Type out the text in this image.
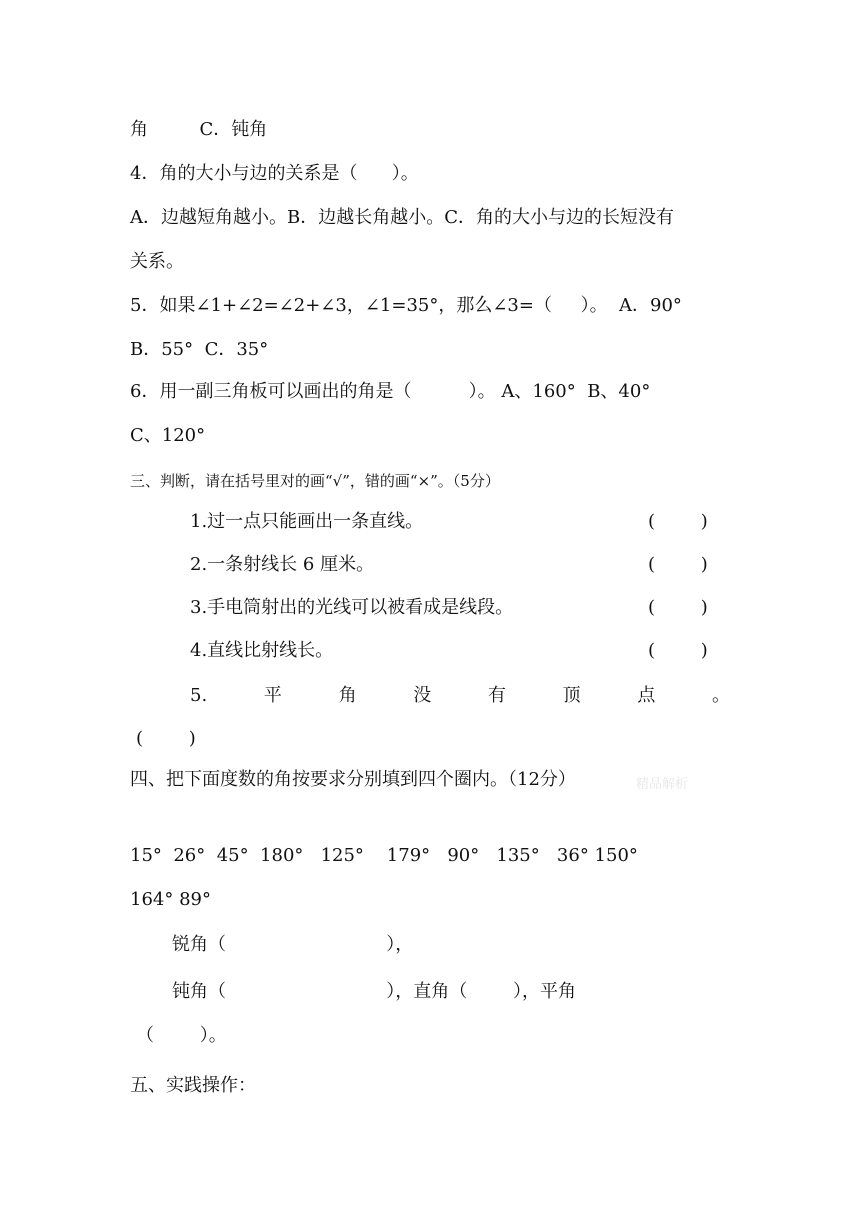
角         C．钝角
4．角的大小与边的关系是（      ）。
A．边越短角越小。B．边越长角越小。C．角的大小与边的长短没有
关系。
5．如果∠1+∠2=∠2+∠3，∠1=35°，那么∠3=（     ）。  A．90°
B．55°  C．35°
6．用一副三角板可以画出的角是（          ）。 A、160°  B、40°
C、120°
三、判断，请在括号里对的画“√”，错的画“×”。（5分）
1.过一点只能画出一条直线。	(        )
2.一条射线长 6 厘米。	(        )
3.手电筒射出的光线可以被看成是线段。	(        )
4.直线比射线长。	(        )
5.	平	角	没	有	顶	点	。
(        )
四、把下面度数的角按要求分别填到四个圈内。（12分）	精品解析
15°  26°  45°  180°   125°    179°   90°   135°   36° 150°
164° 89°
锐角（                            ），
钝角（                            ），直角（        ），平角
（        ）。
五、实践操作：
